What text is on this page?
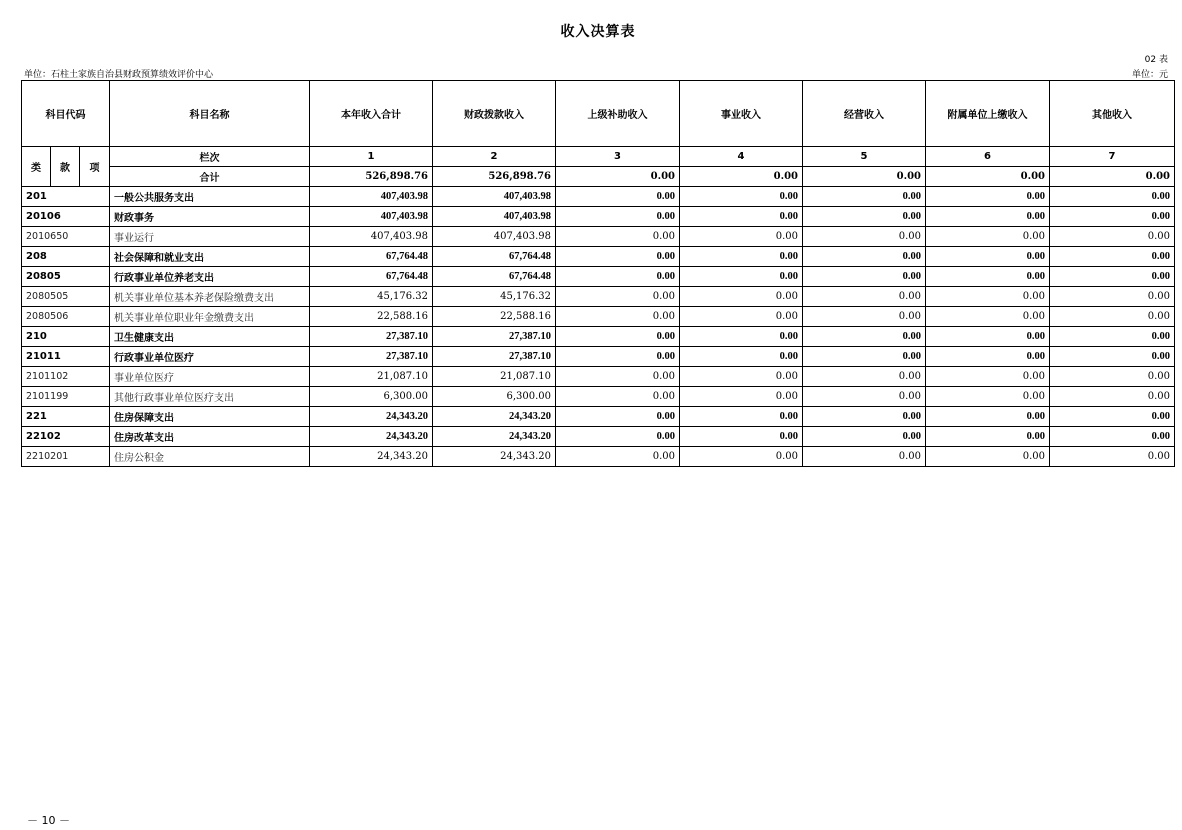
收入决算表
02 表
单位：石柱土家族自治县财政预算绩效评价中心	单位：元
科目代码			科目名称	本年收入合计	财政拨款收入	上级补助收入	事业收入	经营收入	附属单位上缴收入	其他收入
类	款	项	栏次	1	2	3	4	5	6	7
			合计	526,898.76	526,898.76	0.00	0.00	0.00	0.00	0.00
201			一般公共服务支出	407,403.98	407,403.98	0.00	0.00	0.00	0.00	0.00
20106			财政事务	407,403.98	407,403.98	0.00	0.00	0.00	0.00	0.00
2010650			事业运行	407,403.98	407,403.98	0.00	0.00	0.00	0.00	0.00
208			社会保障和就业支出	67,764.48	67,764.48	0.00	0.00	0.00	0.00	0.00
20805			行政事业单位养老支出	67,764.48	67,764.48	0.00	0.00	0.00	0.00	0.00
2080505			机关事业单位基本养老保险缴费支出	45,176.32	45,176.32	0.00	0.00	0.00	0.00	0.00
2080506			机关事业单位职业年金缴费支出	22,588.16	22,588.16	0.00	0.00	0.00	0.00	0.00
210			卫生健康支出	27,387.10	27,387.10	0.00	0.00	0.00	0.00	0.00
21011			行政事业单位医疗	27,387.10	27,387.10	0.00	0.00	0.00	0.00	0.00
2101102			事业单位医疗	21,087.10	21,087.10	0.00	0.00	0.00	0.00	0.00
2101199			其他行政事业单位医疗支出	6,300.00	6,300.00	0.00	0.00	0.00	0.00	0.00
221			住房保障支出	24,343.20	24,343.20	0.00	0.00	0.00	0.00	0.00
22102			住房改革支出	24,343.20	24,343.20	0.00	0.00	0.00	0.00	0.00
2210201			住房公积金	24,343.20	24,343.20	0.00	0.00	0.00	0.00	0.00
－ 10 －
